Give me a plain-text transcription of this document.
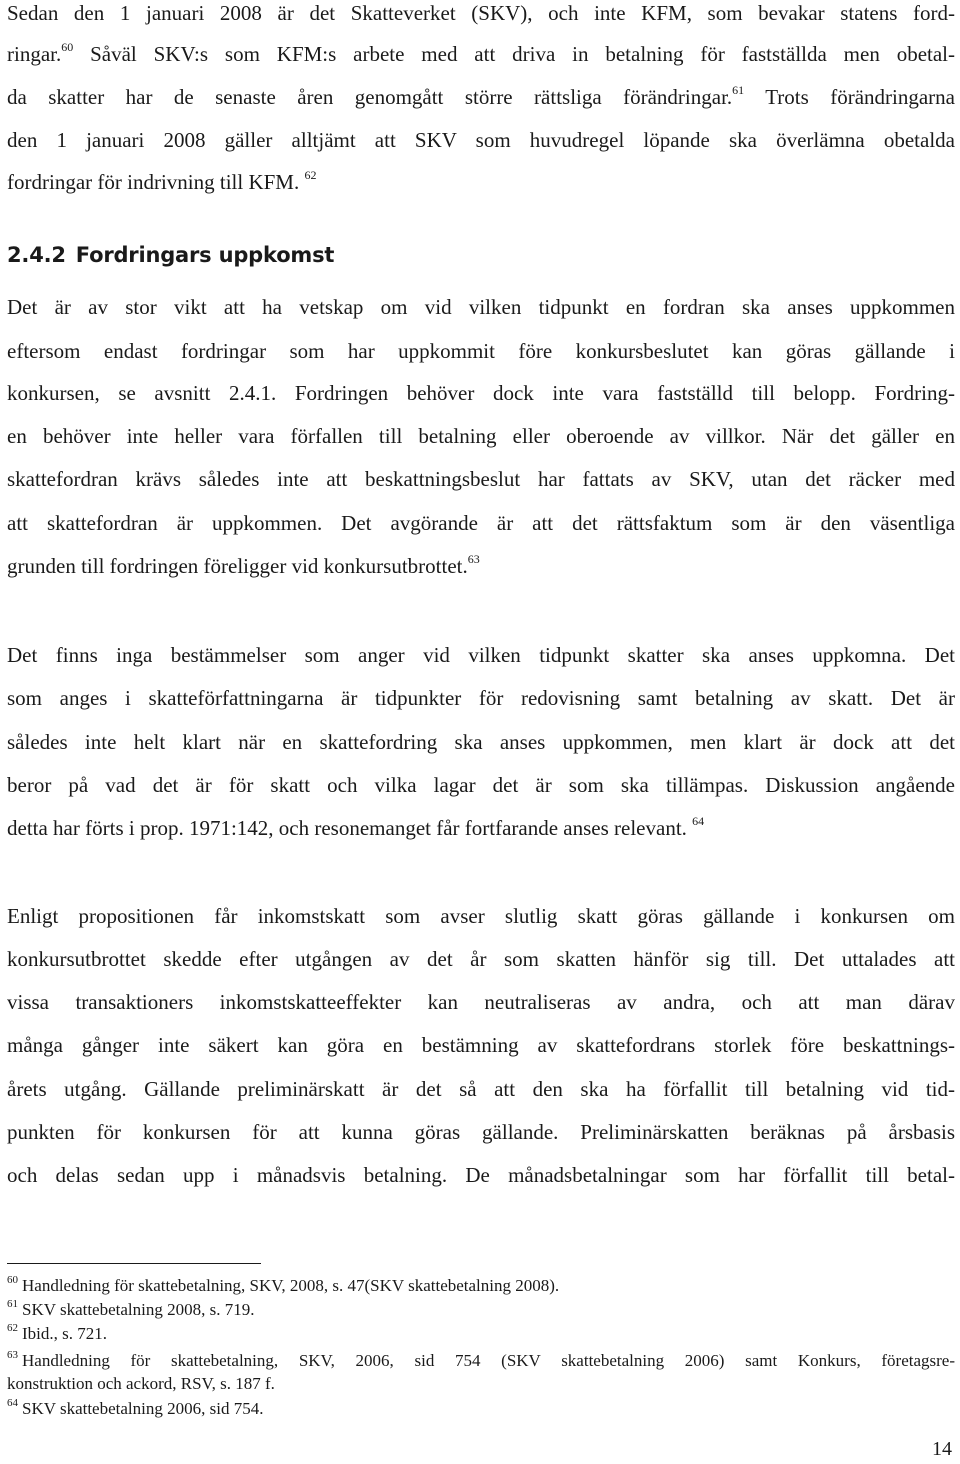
Sedan den 1 januari 2008 är det Skatteverket (SKV), och inte KFM, som bevakar statens ford-
ringar.$^{60}$ Såväl SKV:s som KFM:s arbete med att driva in betalning för fastställda men obetal-
da skatter har de senaste åren genomgått större rättsliga förändringar.$^{61}$ Trots förändringarna
den 1 januari 2008 gäller alltjämt att SKV som huvudregel löpande ska överlämna obetalda
fordringar för indrivning till KFM. $^{62}$
2.4.2 Fordringars uppkomst
Det är av stor vikt att ha vetskap om vid vilken tidpunkt en fordran ska anses uppkommen
eftersom endast fordringar som har uppkommit före konkursbeslutet kan göras gällande i
konkursen, se avsnitt 2.4.1. Fordringen behöver dock inte vara fastställd till belopp. Fordring-
en behöver inte heller vara förfallen till betalning eller oberoende av villkor. När det gäller en
skattefordran krävs således inte att beskattningsbeslut har fattats av SKV, utan det räcker med
att skattefordran är uppkommen. Det avgörande är att det rättsfaktum som är den väsentliga
grunden till fordringen föreligger vid konkursutbrottet.$^{63}$
Det finns inga bestämmelser som anger vid vilken tidpunkt skatter ska anses uppkomna. Det
som anges i skatteförfattningarna är tidpunkter för redovisning samt betalning av skatt. Det är
således inte helt klart när en skattefordring ska anses uppkommen, men klart är dock att det
beror på vad det är för skatt och vilka lagar det är som ska tillämpas. Diskussion angående
detta har förts i prop. 1971:142, och resonemanget får fortfarande anses relevant. $^{64}$
Enligt propositionen får inkomstskatt som avser slutlig skatt göras gällande i konkursen om
konkursutbrottet skedde efter utgången av det år som skatten hänför sig till. Det uttalades att
vissa transaktioners inkomstskatteeffekter kan neutraliseras av andra, och att man därav
många gånger inte säkert kan göra en bestämning av skattefordrans storlek före beskattnings-
årets utgång. Gällande preliminärskatt är det så att den ska ha förfallit till betalning vid tid-
punkten för konkursen för att kunna göras gällande. Preliminärskatten beräknas på årsbasis
och delas sedan upp i månadsvis betalning. De månadsbetalningar som har förfallit till betal-
$^{60}$ Handledning för skattebetalning, SKV, 2008, s. 47(SKV skattebetalning 2008).
$^{61}$ SKV skattebetalning 2008, s. 719.
$^{62}$ Ibid., s. 721.
$^{63}$ Handledning för skattebetalning, SKV, 2006, sid 754 (SKV skattebetalning 2006) samt Konkurs, företagsre-
konstruktion och ackord, RSV, s. 187 f.
$^{64}$ SKV skattebetalning 2006, sid 754.
14
